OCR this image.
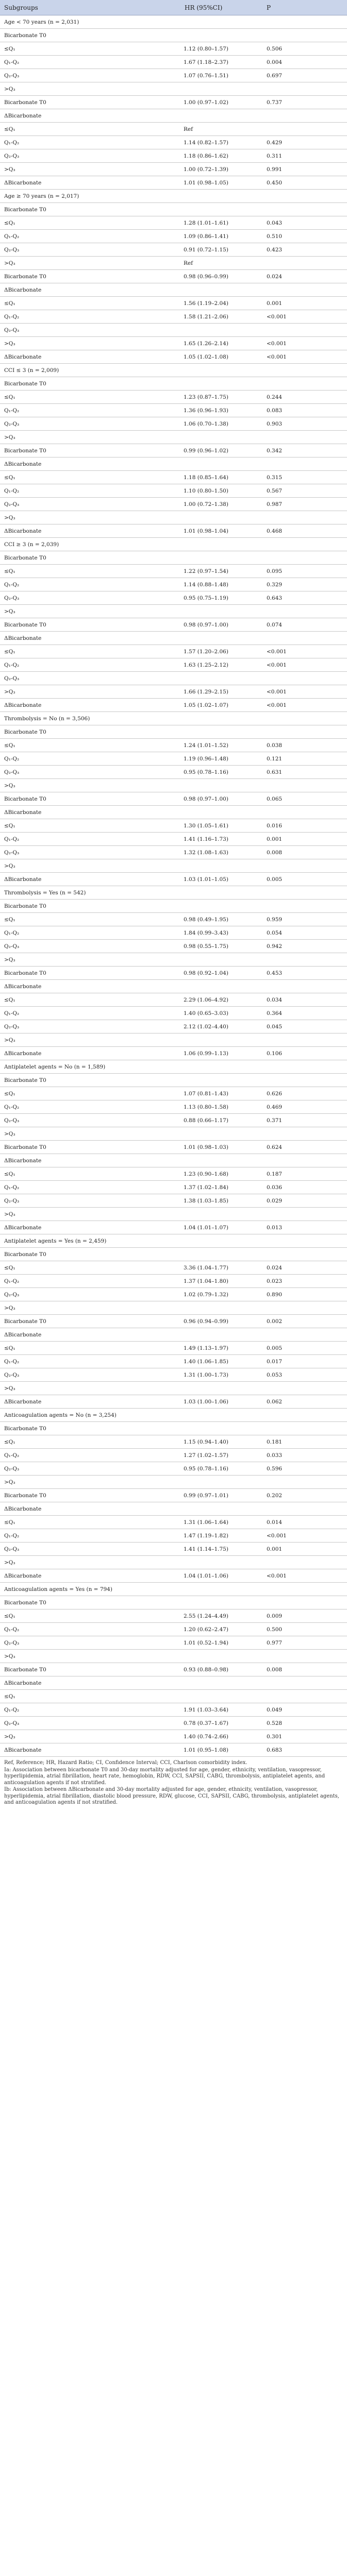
Subgroups	HR (95%CI)	P
Age < 70 years (n = 2,031)		
Bicarbonate T0		
≤Q₁	1.12 (0.80–1.57)	0.506
Q₁-Q₂	1.67 (1.18–2.37)	0.004
Q₂-Q₃	1.07 (0.76–1.51)	0.697
>Q₃		
Bicarbonate T0	1.00 (0.97–1.02)	0.737
ΔBicarbonate		
≤Q₁	Ref	
Q₁-Q₂	1.14 (0.82–1.57)	0.429
Q₂-Q₃	1.18 (0.86–1.62)	0.311
>Q₃	1.00 (0.72–1.39)	0.991
ΔBicarbonate	1.01 (0.98–1.05)	0.450
Age ≥ 70 years (n = 2,017)		
Bicarbonate T0		
≤Q₁	1.28 (1.01–1.61)	0.043
Q₁-Q₂	1.09 (0.86–1.41)	0.510
Q₂-Q₃	0.91 (0.72–1.15)	0.423
>Q₃	Ref	
Bicarbonate T0	0.98 (0.96–0.99)	0.024
ΔBicarbonate		
≤Q₁	1.56 (1.19–2.04)	0.001
Q₁-Q₂	1.58 (1.21–2.06)	<0.001
Q₂-Q₃		
>Q₃	1.65 (1.26–2.14)	<0.001
ΔBicarbonate	1.05 (1.02–1.08)	<0.001
CCI ≤ 3 (n = 2,009)		
Bicarbonate T0		
≤Q₁	1.23 (0.87–1.75)	0.244
Q₁-Q₂	1.36 (0.96–1.93)	0.083
Q₂-Q₃	1.06 (0.70–1.38)	0.903
>Q₃		
Bicarbonate T0	0.99 (0.96–1.02)	0.342
ΔBicarbonate		
≤Q₁	1.18 (0.85–1.64)	0.315
Q₁-Q₂	1.10 (0.80–1.50)	0.567
Q₂-Q₃	1.00 (0.72–1.38)	0.987
>Q₃		
ΔBicarbonate	1.01 (0.98–1.04)	0.468
CCI ≥ 3 (n = 2,039)		
Bicarbonate T0		
≤Q₁	1.22 (0.97–1.54)	0.095
Q₁-Q₂	1.14 (0.88–1.48)	0.329
Q₂-Q₃	0.95 (0.75–1.19)	0.643
>Q₃		
Bicarbonate T0	0.98 (0.97–1.00)	0.074
ΔBicarbonate		
≤Q₁	1.57 (1.20–2.06)	<0.001
Q₁-Q₂	1.63 (1.25–2.12)	<0.001
Q₂-Q₃		
>Q₃	1.66 (1.29–2.15)	<0.001
ΔBicarbonate	1.05 (1.02–1.07)	<0.001
Thrombolysis = No (n = 3,506)		
Bicarbonate T0		
≤Q₁	1.24 (1.01–1.52)	0.038
Q₁-Q₂	1.19 (0.96–1.48)	0.121
Q₂-Q₃	0.95 (0.78–1.16)	0.631
>Q₃		
Bicarbonate T0	0.98 (0.97–1.00)	0.065
ΔBicarbonate		
≤Q₁	1.30 (1.05–1.61)	0.016
Q₁-Q₂	1.41 (1.16–1.73)	0.001
Q₂-Q₃	1.32 (1.08–1.63)	0.008
>Q₃		
ΔBicarbonate	1.03 (1.01–1.05)	0.005
Thrombolysis = Yes (n = 542)		
Bicarbonate T0		
≤Q₁	0.98 (0.49–1.95)	0.959
Q₁-Q₂	1.84 (0.99–3.43)	0.054
Q₂-Q₃	0.98 (0.55–1.75)	0.942
>Q₃		
Bicarbonate T0	0.98 (0.92–1.04)	0.453
ΔBicarbonate		
≤Q₁	2.29 (1.06–4.92)	0.034
Q₁-Q₂	1.40 (0.65–3.03)	0.364
Q₂-Q₃	2.12 (1.02–4.40)	0.045
>Q₃		
ΔBicarbonate	1.06 (0.99–1.13)	0.106
Antiplatelet agents = No (n = 1,589)		
Bicarbonate T0		
≤Q₁	1.07 (0.81–1.43)	0.626
Q₁-Q₂	1.13 (0.80–1.58)	0.469
Q₂-Q₃	0.88 (0.66–1.17)	0.371
>Q₃		
Bicarbonate T0	1.01 (0.98–1.03)	0.624
ΔBicarbonate		
≤Q₁	1.23 (0.90–1.68)	0.187
Q₁-Q₂	1.37 (1.02–1.84)	0.036
Q₂-Q₃	1.38 (1.03–1.85)	0.029
>Q₃		
ΔBicarbonate	1.04 (1.01–1.07)	0.013
Antiplatelet agents = Yes (n = 2,459)		
Bicarbonate T0		
≤Q₁	3.36 (1.04–1.77)	0.024
Q₁-Q₂	1.37 (1.04–1.80)	0.023
Q₂-Q₃	1.02 (0.79–1.32)	0.890
>Q₃		
Bicarbonate T0	0.96 (0.94–0.99)	0.002
ΔBicarbonate		
≤Q₁	1.49 (1.13–1.97)	0.005
Q₁-Q₂	1.40 (1.06–1.85)	0.017
Q₂-Q₃	1.31 (1.00–1.73)	0.053
>Q₃		
ΔBicarbonate	1.03 (1.00–1.06)	0.062
Anticoagulation agents = No (n = 3,254)		
Bicarbonate T0		
≤Q₁	1.15 (0.94–1.40)	0.181
Q₁-Q₂	1.27 (1.02–1.57)	0.033
Q₂-Q₃	0.95 (0.78–1.16)	0.596
>Q₃		
Bicarbonate T0	0.99 (0.97–1.01)	0.202
ΔBicarbonate		
≤Q₁	1.31 (1.06–1.64)	0.014
Q₁-Q₂	1.47 (1.19–1.82)	<0.001
Q₂-Q₃	1.41 (1.14–1.75)	0.001
>Q₃		
ΔBicarbonate	1.04 (1.01–1.06)	<0.001
Anticoagulation agents = Yes (n = 794)		
Bicarbonate T0		
≤Q₁	2.55 (1.24–4.49)	0.009
Q₁-Q₂	1.20 (0.62–2.47)	0.500
Q₂-Q₃	1.01 (0.52–1.94)	0.977
>Q₃		
Bicarbonate T0	0.93 (0.88–0.98)	0.008
ΔBicarbonate		
≤Q₁		
Q₁-Q₂	1.91 (1.03–3.64)	0.049
Q₂-Q₃	0.78 (0.37–1.67)	0.528
>Q₃	1.40 (0.74–2.66)	0.301
ΔBicarbonate	1.01 (0.95–1.08)	0.683

Ref, Reference; HR, Hazard Ratio; CI, Confidence Interval; CCI, Charlson comorbidity index.

Ia: Association between bicarbonate T0 and 30-day mortality adjusted for age, gender, ethnicity, ventilation, vasopressor, hyperlipidemia, atrial fibrillation, heart rate, hemoglobin, RDW, CCI, SAPSII, CABG, thrombolysis, antiplatelet agents, and anticoagulation agents if not stratified.

Ib: Association between ΔBicarbonate and 30-day mortality adjusted for age, gender, ethnicity, ventilation, vasopressor, hyperlipidemia, atrial fibrillation, diastolic blood pressure, RDW, glucose, CCI, SAPSII, CABG, thrombolysis, antiplatelet agents, and anticoagulation agents if not stratified.
